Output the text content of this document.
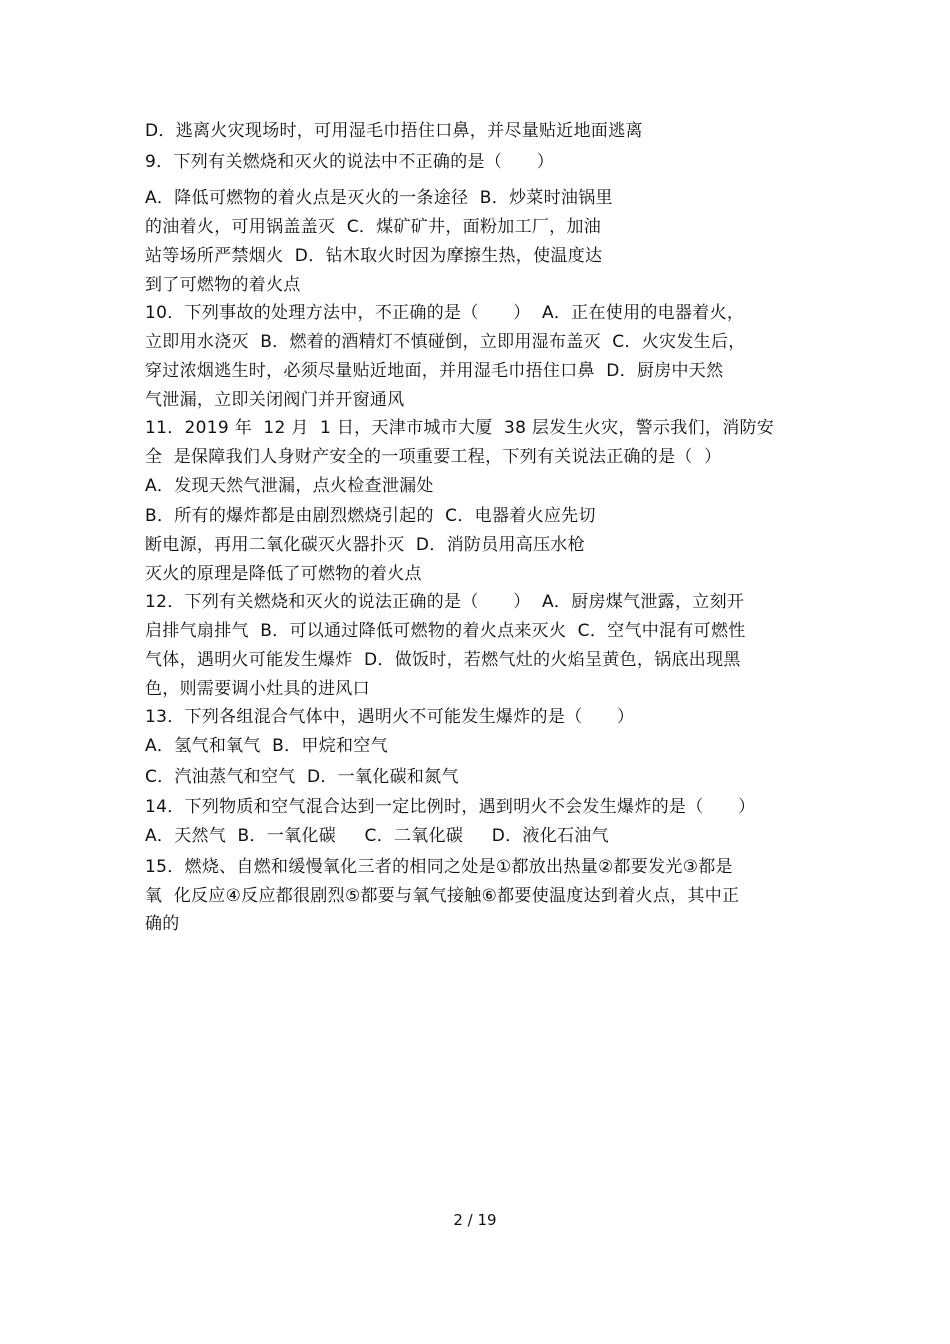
D．逃离火灾现场时，可用湿毛巾捂住口鼻，并尽量贴近地面逃离
9．下列有关燃烧和灭火的说法中不正确的是（　　）
A．降低可燃物的着火点是灭火的一条途径  B．炒菜时油锅里
的油着火，可用锅盖盖灭  C．煤矿矿井，面粉加工厂，加油
站等场所严禁烟火  D．钻木取火时因为摩擦生热，使温度达
到了可燃物的着火点
10．下列事故的处理方法中，不正确的是（　　）  A．正在使用的电器着火，
立即用水浇灭  B．燃着的酒精灯不慎碰倒，立即用湿布盖灭  C．火灾发生后，
穿过浓烟逃生时，必须尽量贴近地面，并用湿毛巾捂住口鼻  D．厨房中天然
气泄漏，立即关闭阀门并开窗通风
11．2019 年  12 月  1 日，天津市城市大厦  38 层发生火灾，警示我们，消防安
全  是保障我们人身财产安全的一项重要工程，下列有关说法正确的是（  ）
A．发现天然气泄漏，点火检查泄漏处
B．所有的爆炸都是由剧烈燃烧引起的  C．电器着火应先切
断电源，再用二氧化碳灭火器扑灭  D．消防员用高压水枪
灭火的原理是降低了可燃物的着火点
12．下列有关燃烧和灭火的说法正确的是（　　）  A．厨房煤气泄露，立刻开
启排气扇排气  B．可以通过降低可燃物的着火点来灭火  C．空气中混有可燃性
气体，遇明火可能发生爆炸  D．做饭时，若燃气灶的火焰呈黄色，锅底出现黑
色，则需要调小灶具的进风口
13．下列各组混合气体中，遇明火不可能发生爆炸的是（　　）
A．氢气和氧气  B．甲烷和空气
C．汽油蒸气和空气  D．一氧化碳和氮气
14．下列物质和空气混合达到一定比例时，遇到明火不会发生爆炸的是（　　）
A．天然气  B．一氧化碳     C．二氧化碳     D．液化石油气
15．燃烧、自燃和缓慢氧化三者的相同之处是①都放出热量②都要发光③都是
氧  化反应④反应都很剧烈⑤都要与氧气接触⑥都要使温度达到着火点，其中正
确的
2 / 19
